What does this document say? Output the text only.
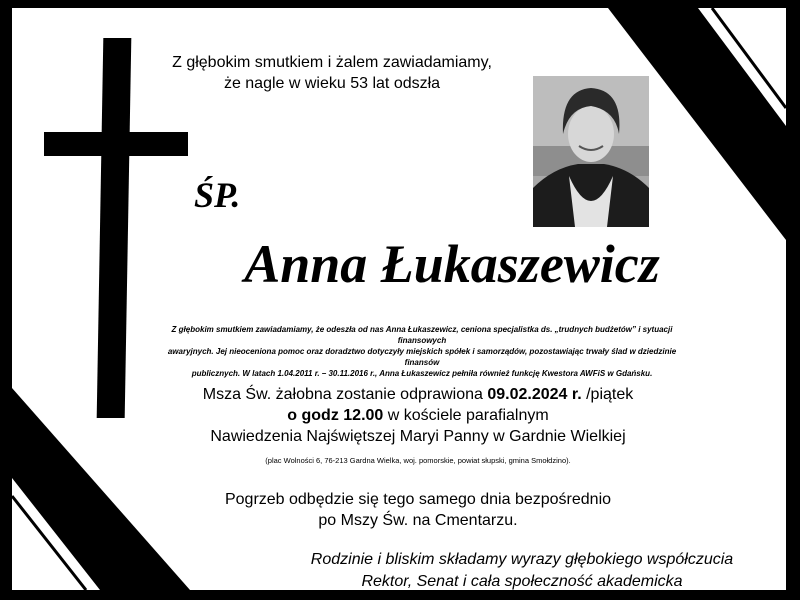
Z głębokim smutkiem i żalem zawiadamiamy,
że nagle w wieku 53 lat odszła
ŚP.
Anna Łukaszewicz
Z głębokim smutkiem zawiadamiamy, że odeszła od nas Anna Łukaszewicz, ceniona specjalistka ds. „trudnych budżetów” i sytuacji finansowych
awaryjnych. Jej nieoceniona pomoc oraz doradztwo dotyczyły miejskich spółek i samorządów, pozostawiając trwały ślad w dziedzinie finansów
publicznych. W latach 1.04.2011 r. – 30.11.2016 r., Anna Łukaszewicz pełniła również funkcję Kwestora AWFiS w Gdańsku.
Msza Św. żałobna zostanie odprawiona 09.02.2024 r. /piątek
o godz 12.00 w kościele parafialnym
Nawiedzenia Najświętszej Maryi Panny w Gardnie Wielkiej
(plac Wolności 6, 76-213 Gardna Wielka, woj. pomorskie, powiat słupski, gmina Smołdzino).
Pogrzeb odbędzie się tego samego dnia bezpośrednio
po Mszy Św. na Cmentarzu.
Rodzinie i bliskim składamy wyrazy głębokiego współczucia
Rektor, Senat i cała społeczność akademicka
